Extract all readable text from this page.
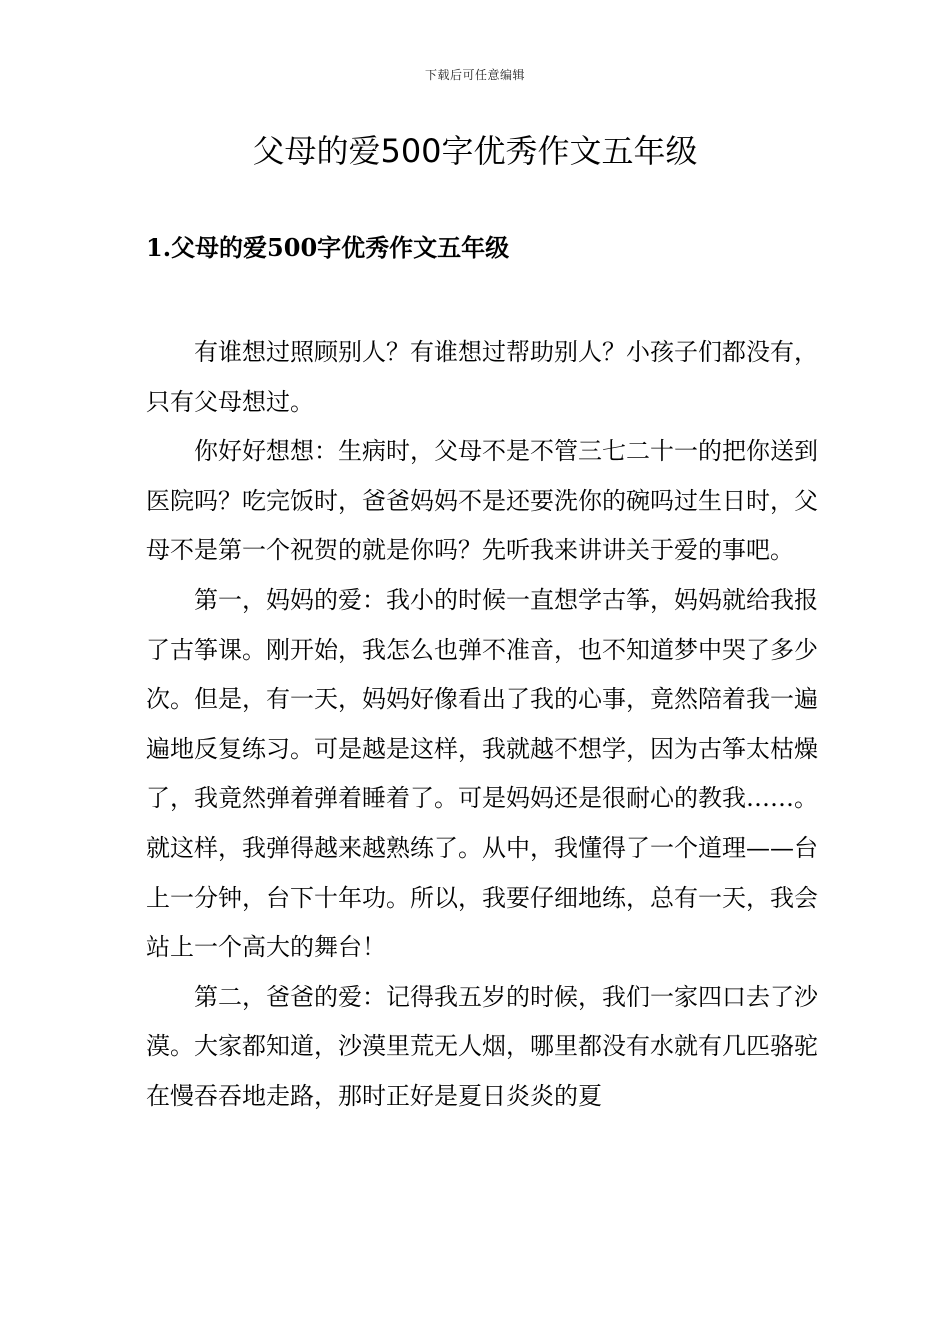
下载后可任意编辑
父母的爱500字优秀作文五年级
1.父母的爱500字优秀作文五年级

有谁想过照顾别人？有谁想过帮助别人？小孩子们都没有，只有父母想过。

你好好想想：生病时，父母不是不管三七二十一的把你送到医院吗？吃完饭时，爸爸妈妈不是还要洗你的碗吗过生日时，父母不是第一个祝贺的就是你吗？先听我来讲讲关于爱的事吧。

第一，妈妈的爱：我小的时候一直想学古筝，妈妈就给我报了古筝课。刚开始，我怎么也弹不准音，也不知道梦中哭了多少次。但是，有一天，妈妈好像看出了我的心事，竟然陪着我一遍遍地反复练习。可是越是这样，我就越不想学，因为古筝太枯燥了，我竟然弹着弹着睡着了。可是妈妈还是很耐心的教我……。就这样，我弹得越来越熟练了。从中，我懂得了一个道理——台上一分钟，台下十年功。所以，我要仔细地练，总有一天，我会站上一个高大的舞台！

第二，爸爸的爱：记得我五岁的时候，我们一家四口去了沙漠。大家都知道，沙漠里荒无人烟，哪里都没有水就有几匹骆驼在慢吞吞地走路，那时正好是夏日炎炎的夏
